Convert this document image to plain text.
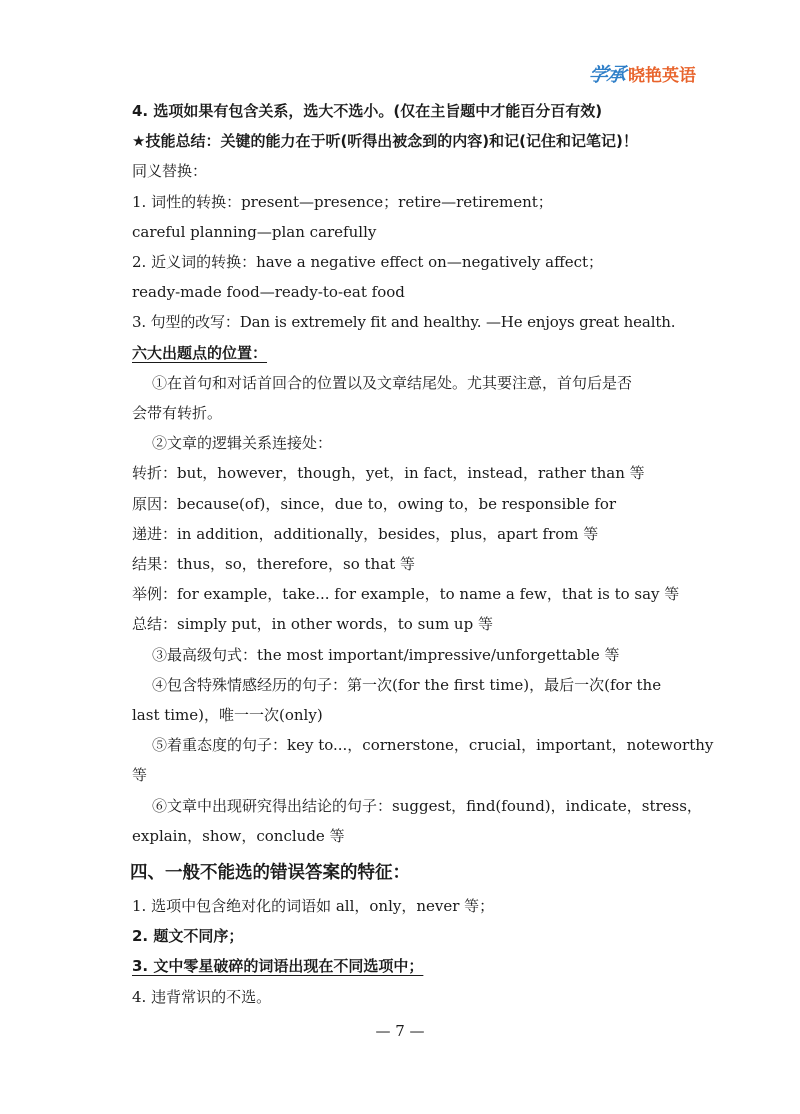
学承 晓艳英语
4. 选项如果有包含关系，选大不选小。(仅在主旨题中才能百分百有效)
★技能总结：关键的能力在于听(听得出被念到的内容)和记(记住和记笔记)！
同义替换：
1. 词性的转换：present—presence；retire—retirement；
careful planning—plan carefully
2. 近义词的转换：have a negative effect on—negatively affect；
ready-made food—ready-to-eat food
3. 句型的改写：Dan is extremely fit and healthy. —He enjoys great health.
六大出题点的位置：
①在首句和对话首回合的位置以及文章结尾处。尤其要注意，首句后是否
会带有转折。
②文章的逻辑关系连接处：
转折：but，however，though，yet，in fact，instead，rather than 等
原因：because(of)，since，due to，owing to，be responsible for
递进：in addition，additionally，besides，plus，apart from 等
结果：thus，so，therefore，so that 等
举例：for example，take... for example，to name a few，that is to say 等
总结：simply put，in other words，to sum up 等
③最高级句式：the most important/impressive/unforgettable 等
④包含特殊情感经历的句子：第一次(for the first time)，最后一次(for the
last time)，唯一一次(only)
⑤着重态度的句子：key to...，cornerstone，crucial，important，noteworthy
等
⑥文章中出现研究得出结论的句子：suggest，find(found)，indicate，stress，
explain，show，conclude 等
四、一般不能选的错误答案的特征：
1. 选项中包含绝对化的词语如 all，only，never 等；
2. 题文不同序；
3. 文中零星破碎的词语出现在不同选项中；
4. 违背常识的不选。
— 7 —
